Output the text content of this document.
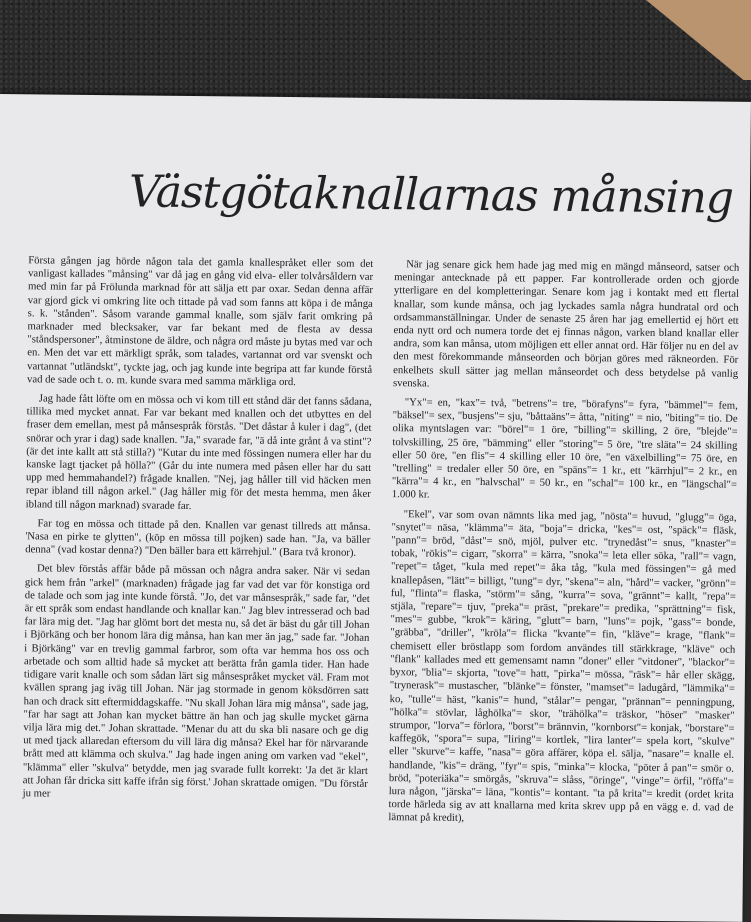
Västgötaknallarnas månsing

Första gången jag hörde någon tala det gamla knallespråket eller som det vanligast kallades "månsing" var då jag en gång vid elva- eller tolvårsåldern var med min far på Frölunda marknad för att sälja ett par oxar. Sedan denna affär var gjord gick vi omkring lite och tittade på vad som fanns att köpa i de många s. k. "stånden". Såsom varande gammal knalle, som själv farit omkring på marknader med blecksaker, var far bekant med de flesta av dessa "ståndspersoner", åtminstone de äldre, och några ord måste ju bytas med var och en. Men det var ett märkligt språk, som talades, vartannat ord var svenskt och vartannat "utländskt", tyckte jag, och jag kunde inte begripa att far kunde förstå vad de sade och t. o. m. kunde svara med samma märkliga ord.

Jag hade fått löfte om en mössa och vi kom till ett stånd där det fanns sådana, tillika med mycket annat. Far var bekant med knallen och det utbyttes en del fraser dem emellan, mest på månsespråk förstås. "Det dåstar å kuler i dag", (det snörar och yrar i dag) sade knallen. "Ja," svarade far, "ä då inte grånt å va stint"? (är det inte kallt att stå stilla?) "Kutar du inte med fössingen numera eller har du kanske lagt tjacket på hölla?" (Går du inte numera med påsen eller har du satt upp med hemmahandel?) frågade knallen. "Nej, jag håller till vid häcken men repar ibland till någon arkel." (Jag håller mig för det mesta hemma, men åker ibland till någon marknad) svarade far.

Far tog en mössa och tittade på den. Knallen var genast tillreds att månsa. 'Nasa en pirke te glytten", (köp en mössa till pojken) sade han. "Ja, va bäller denna" (vad kostar denna?) "Den bäller bara ett kärrehjul." (Bara två kronor).

Det blev förstås affär både på mössan och några andra saker. När vi sedan gick hem från "arkel" (marknaden) frågade jag far vad det var för konstiga ord de talade och som jag inte kunde förstå. "Jo, det var månsespråk," sade far, "det är ett språk som endast handlande och knallar kan." Jag blev intresserad och bad far lära mig det. "Jag har glömt bort det mesta nu, så det är bäst du går till Johan i Björkäng och ber honom lära dig månsa, han kan mer än jag," sade far. "Johan i Björkäng" var en trevlig gammal farbror, som ofta var hemma hos oss och arbetade och som alltid hade så mycket att berätta från gamla tider. Han hade tidigare varit knalle och som sådan lärt sig månsespråket mycket väl. Fram mot kvällen sprang jag iväg till Johan. När jag stormade in genom köksdörren satt han och drack sitt eftermiddagskaffe. "Nu skall Johan lära mig månsa", sade jag, "far har sagt att Johan kan mycket bättre än han och jag skulle mycket gärna vilja lära mig det." Johan skrattade. "Menar du att du ska bli nasare och ge dig ut med tjack allaredan eftersom du vill lära dig månsa? Ekel har för närvarande brått med att klämma och skulva." Jag hade ingen aning om varken vad "ekel", "klämma" eller "skulva" betydde, men jag svarade fullt korrekt: 'Ja det är klart att Johan får dricka sitt kaffe ifrån sig först.' Johan skrattade omigen. "Du förstår ju mer

När jag senare gick hem hade jag med mig en mängd månseord, satser och meningar antecknade på ett papper. Far kontrollerade orden och gjorde ytterligare en del kompletteringar. Senare kom jag i kontakt med ett flertal knallar, som kunde månsa, och jag lyckades samla några hundratal ord och ordsammanställningar. Under de senaste 25 åren har jag emellertid ej hört ett enda nytt ord och numera torde det ej finnas någon, varken bland knallar eller andra, som kan månsa, utom möjligen ett eller annat ord. Här följer nu en del av den mest förekommande månseorden och början göres med räkneorden. För enkelhets skull sätter jag mellan månseordet och dess betydelse på vanlig svenska.

"Yx"= en, "kax"= två, "betrens"= tre, "börafyns"= fyra, "bämmel"= fem, "bäksel"= sex, "busjens"= sju, "båttaäns"= åtta, "niting" = nio, "biting"= tio. De olika myntslagen var: "börel"= 1 öre, "billing"= skilling, 2 öre, "blejde"= tolvskilling, 25 öre, "bämming" eller "storing"= 5 öre, "tre släta"= 24 skilling eller 50 öre, "en flis"= 4 skilling eller 10 öre, "en växelbilling"= 75 öre, en "trelling" = tredaler eller 50 öre, en "späns"= 1 kr., ett "kärrhjul"= 2 kr., en "kärra"= 4 kr., en "halvschal" = 50 kr., en "schal"= 100 kr., en "längschal"= 1.000 kr.

"Ekel", var som ovan nämnts lika med jag, "nösta"= huvud, "glugg"= öga, "snytet"= näsa, "klämma"= äta, "boja"= dricka, "kes"= ost, "späck"= fläsk, "pann"= bröd, "dåst"= snö, mjöl, pulver etc. "trynedåst"= snus, "knaster"= tobak, "rökis"= cigarr, "skorra" = kärra, "snoka"= leta eller söka, "rall"= vagn, "repet"= tåget, "kula med repet"= åka tåg, "kula med fössingen"= gå med knallepåsen, "lätt"= billigt, "tung"= dyr, "skena"= aln, "hård"= vacker, "grönn"= ful, "flinta"= flaska, "störm"= sång, "kurra"= sova, "grännt"= kallt, "repa"= stjäla, "repare"= tjuv, "preka"= präst, "prekare"= predika, "sprättning"= fisk, "mes"= gubbe, "krok"= käring, "glutt"= barn, "luns"= pojk, "gass"= bonde, "gräbba", "driller", "kröla"= flicka "kvante"= fin, "kläve"= krage, "flank"= chemisett eller bröstlapp som fordom användes till stärkkrage, "kläve" och "flank" kallades med ett gemensamt namn "doner" eller "vitdoner", "blackor"= byxor, "blia"= skjorta, "tove"= hatt, "pirka"= mössa, "räsk"= hår eller skägg, "trynerask"= mustascher, "blänke"= fönster, "mamset"= ladugård, "lämmika"= ko, "tulle"= häst, "kanis"= hund, "stålar"= pengar, "prännan"= penningpung, "hölka"= stövlar, låghölka"= skor, "trähölka"= träskor, "höser" "masker" strumpor, "lorva"= förlora, "borst"= brännvin, "kornborst"= konjak, "borstare"= kaffegök, "spora"= supa, "liring"= kortlek, "lira lanter"= spela kort, "skulve" eller "skurve"= kaffe, "nasa"= göra affärer, köpa el. sälja, "nasare"= knalle el. handlande, "kis"= dräng, "fyr"= spis, "minka"= klocka, "pöter å pan"= smör o. bröd, "poteriäka"= smörgås, "skruva"= slåss, "öringe", "vinge"= örfil, "röffa"= lura någon, "järska"= läna, "kontis"= kontant. "ta på krita"= kredit (ordet krita torde härleda sig av att knallarna med krita skrev upp på en vägg e. d. vad de lämnat på kredit),
